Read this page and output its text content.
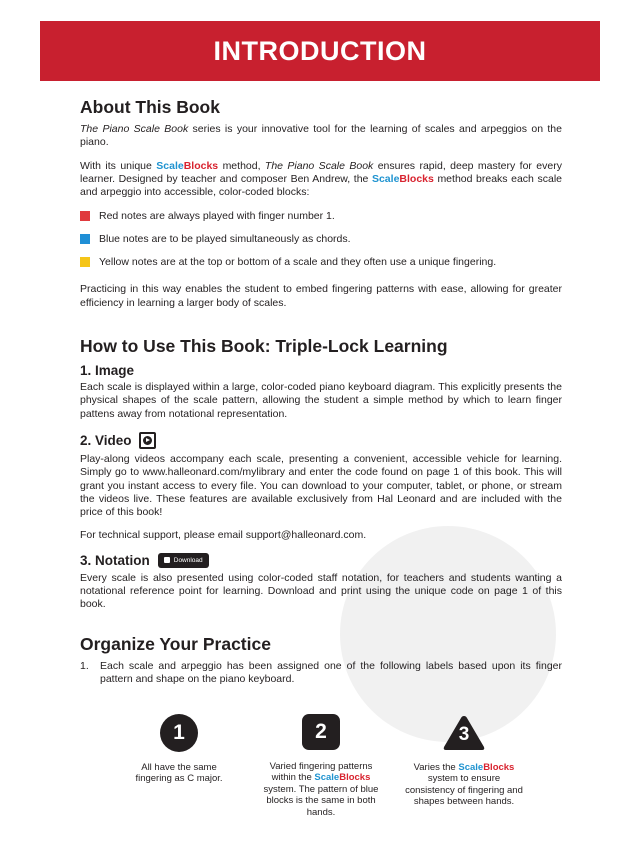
INTRODUCTION
About This Book

The Piano Scale Book series is your innovative tool for the learning of scales and arpeggios on the piano.

With its unique ScaleBlocks method, The Piano Scale Book ensures rapid, deep mastery for every learner. Designed by teacher and composer Ben Andrew, the ScaleBlocks method breaks each scale and arpeggio into accessible, color-coded blocks:

Red notes are always played with finger number 1.
Blue notes are to be played simultaneously as chords.
Yellow notes are at the top or bottom of a scale and they often use a unique fingering.

Practicing in this way enables the student to embed fingering patterns with ease, allowing for greater efficiency in learning a larger body of scales.

How to Use This Book: Triple-Lock Learning
1. Image

Each scale is displayed within a large, color-coded piano keyboard diagram. This explicitly presents the physical shapes of the scale pattern, allowing the student a simple method by which to learn finger pattens away from notational representation.

2. Video

Play-along videos accompany each scale, presenting a convenient, accessible vehicle for learning. Simply go to www.halleonard.com/mylibrary and enter the code found on page 1 of this book. This will grant you instant access to every file. You can download to your computer, tablet, or phone, or stream the videos live. These features are available exclusively from Hal Leonard and are included with the price of this book!

For technical support, please email support@halleonard.com.

3. Notation	Download

Every scale is also presented using color-coded staff notation, for teachers and students wanting a notational reference point for learning. Download and print using the unique code on page 1 of this book.

Organize Your Practice
1.	Each scale and arpeggio has been assigned one of the following labels based upon its finger pattern and shape on the piano keyboard.
1
All have the same fingering as C major.
2
Varied fingering patterns within the ScaleBlocks system. The pattern of blue blocks is the same in both hands.
3
Varies the ScaleBlocks system to ensure consistency of fingering and shapes between hands.
